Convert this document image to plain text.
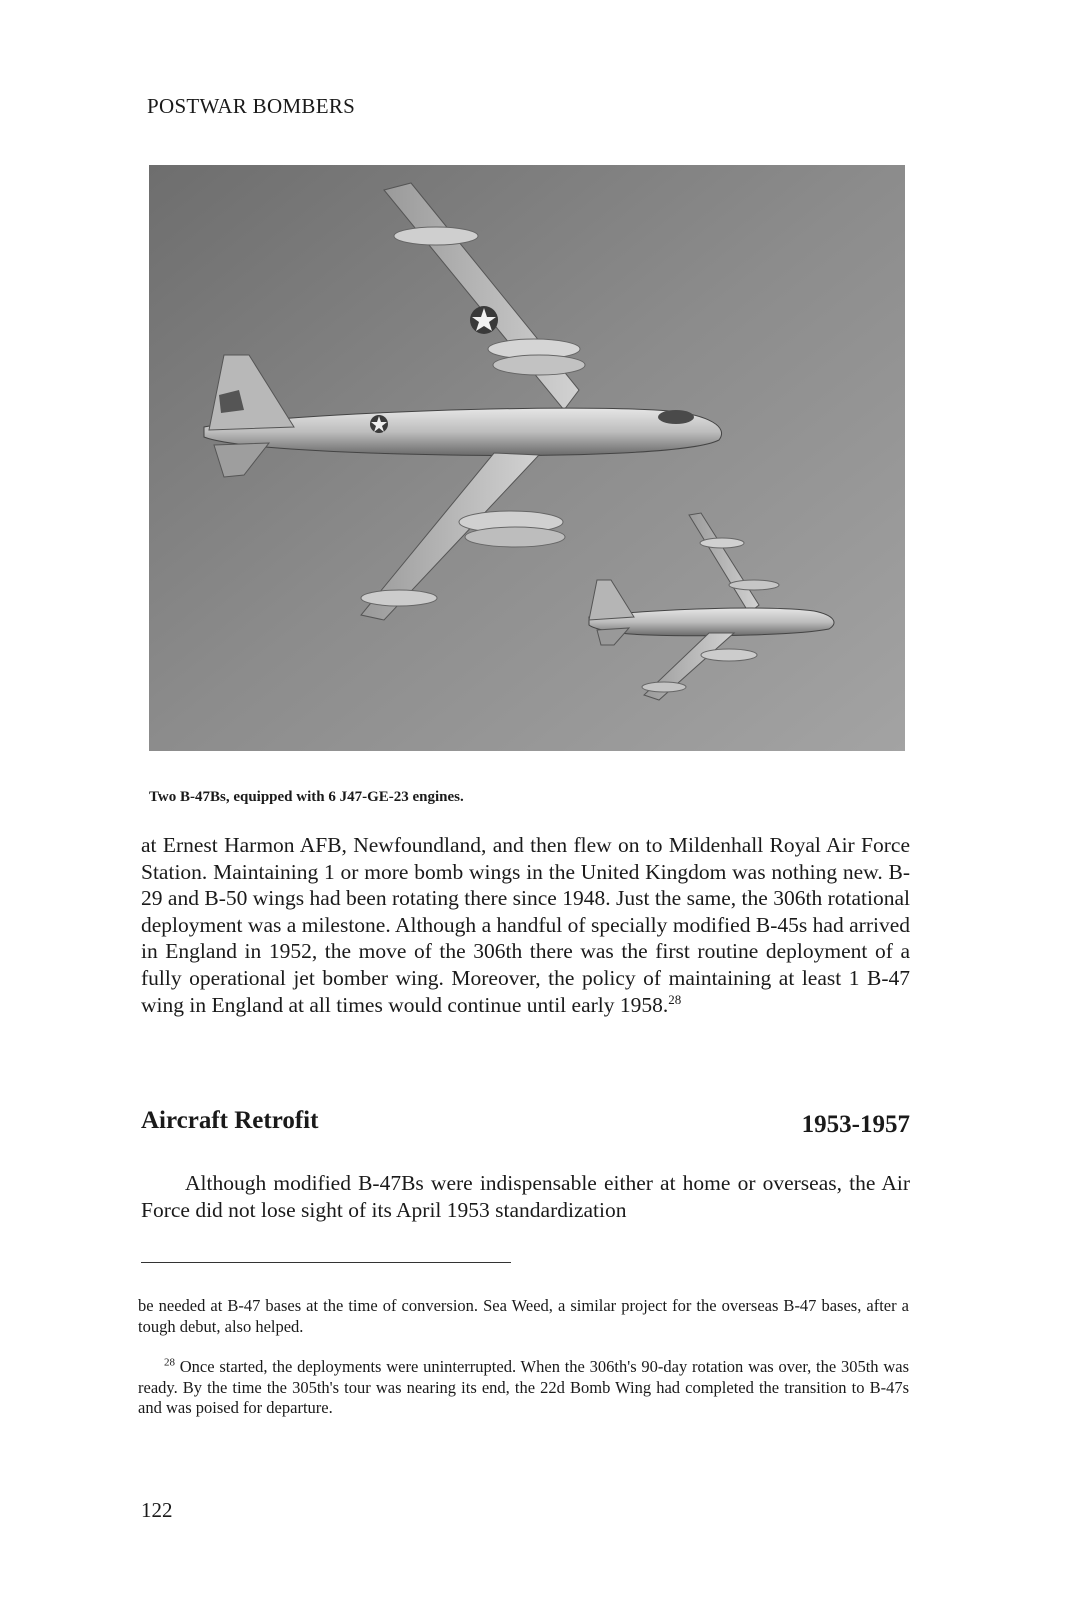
POSTWAR BOMBERS
Two B-47Bs, equipped with 6 J47-GE-23 engines.

at Ernest Harmon AFB, Newfoundland, and then flew on to Mildenhall Royal Air Force Station. Maintaining 1 or more bomb wings in the United Kingdom was nothing new. B-29 and B-50 wings had been rotating there since 1948. Just the same, the 306th rotational deployment was a milestone. Although a handful of specially modified B-45s had arrived in England in 1952, the move of the 306th there was the first routine deployment of a fully operational jet bomber wing. Moreover, the policy of maintaining at least 1 B-47 wing in England at all times would continue until early 1958.28

Aircraft Retrofit	1953-1957

Although modified B-47Bs were indispensable either at home or overseas, the Air Force did not lose sight of its April 1953 standardization

be needed at B-47 bases at the time of conversion. Sea Weed, a similar project for the overseas B-47 bases, after a tough debut, also helped.

$^{28}$ Once started, the deployments were uninterrupted. When the 306th's 90-day rotation was over, the 305th was ready. By the time the 305th's tour was nearing its end, the 22d Bomb Wing had completed the transition to B-47s and was poised for departure.

122
